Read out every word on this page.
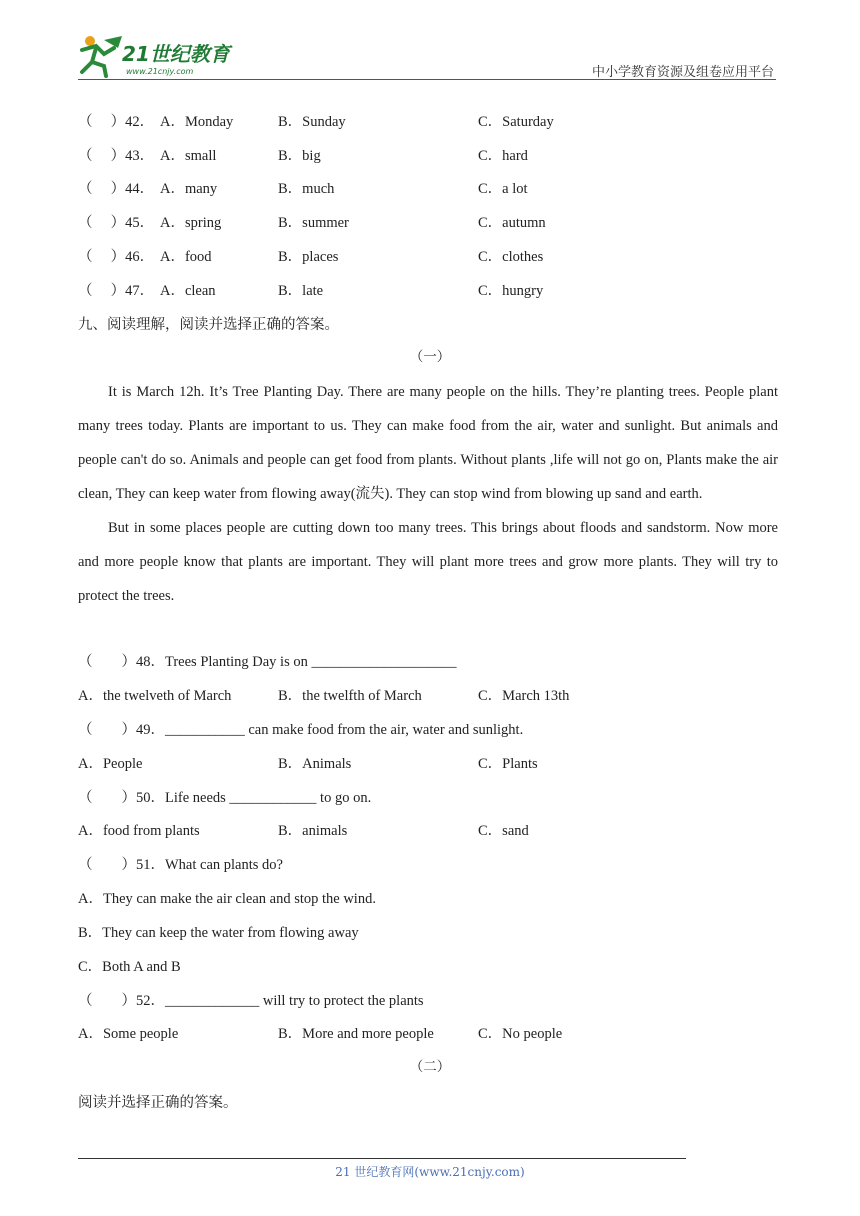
21世纪教育
www.21cnjy.com	中小学教育资源及组卷应用平台
（　 ）42． A．Monday	B．Sunday	C．Saturday
（　 ）43． A．small	B．big	C．hard
（　 ）44． A．many	B．much	C．a lot
（　 ）45． A．spring	B．summer	C．autumn
（　 ）46． A．food	B．places	C．clothes
（　 ）47． A．clean	B．late	C．hungry
九、阅读理解，阅读并选择正确的答案。
（一）

It is March 12h. It’s Tree Planting Day. There are many people on the hills. They’re planting trees. People plant many trees today. Plants are important to us. They can make food from the air, water and sunlight. But animals and people can't do so. Animals and people can get food from plants. Without plants ,life will not go on, Plants make the air clean, They can keep water from flowing away(流失). They can stop wind from blowing up sand and earth.

But in some places people are cutting down too many trees. This brings about floods and sandstorm. Now more and more people know that plants are important. They will plant more trees and grow more plants. They will try to protect the trees.

（　　）48．Trees Planting Day is on ____________________
A．the twelveth of March	B．the twelfth of March	C．March 13th
（　　）49．___________ can make food from the air, water and sunlight.
A．People	B．Animals	C．Plants
（　　）50．Life needs ____________ to go on.
A．food from plants	B．animals	C．sand
（　　）51．What can plants do?
A．They can make the air clean and stop the wind.
B．They can keep the water from flowing away
C．Both A and B
（　　）52．_____________ will try to protect the plants
A．Some people	B．More and more people	C．No people
（二）
阅读并选择正确的答案。
21 世纪教育网(www.21cnjy.com)
